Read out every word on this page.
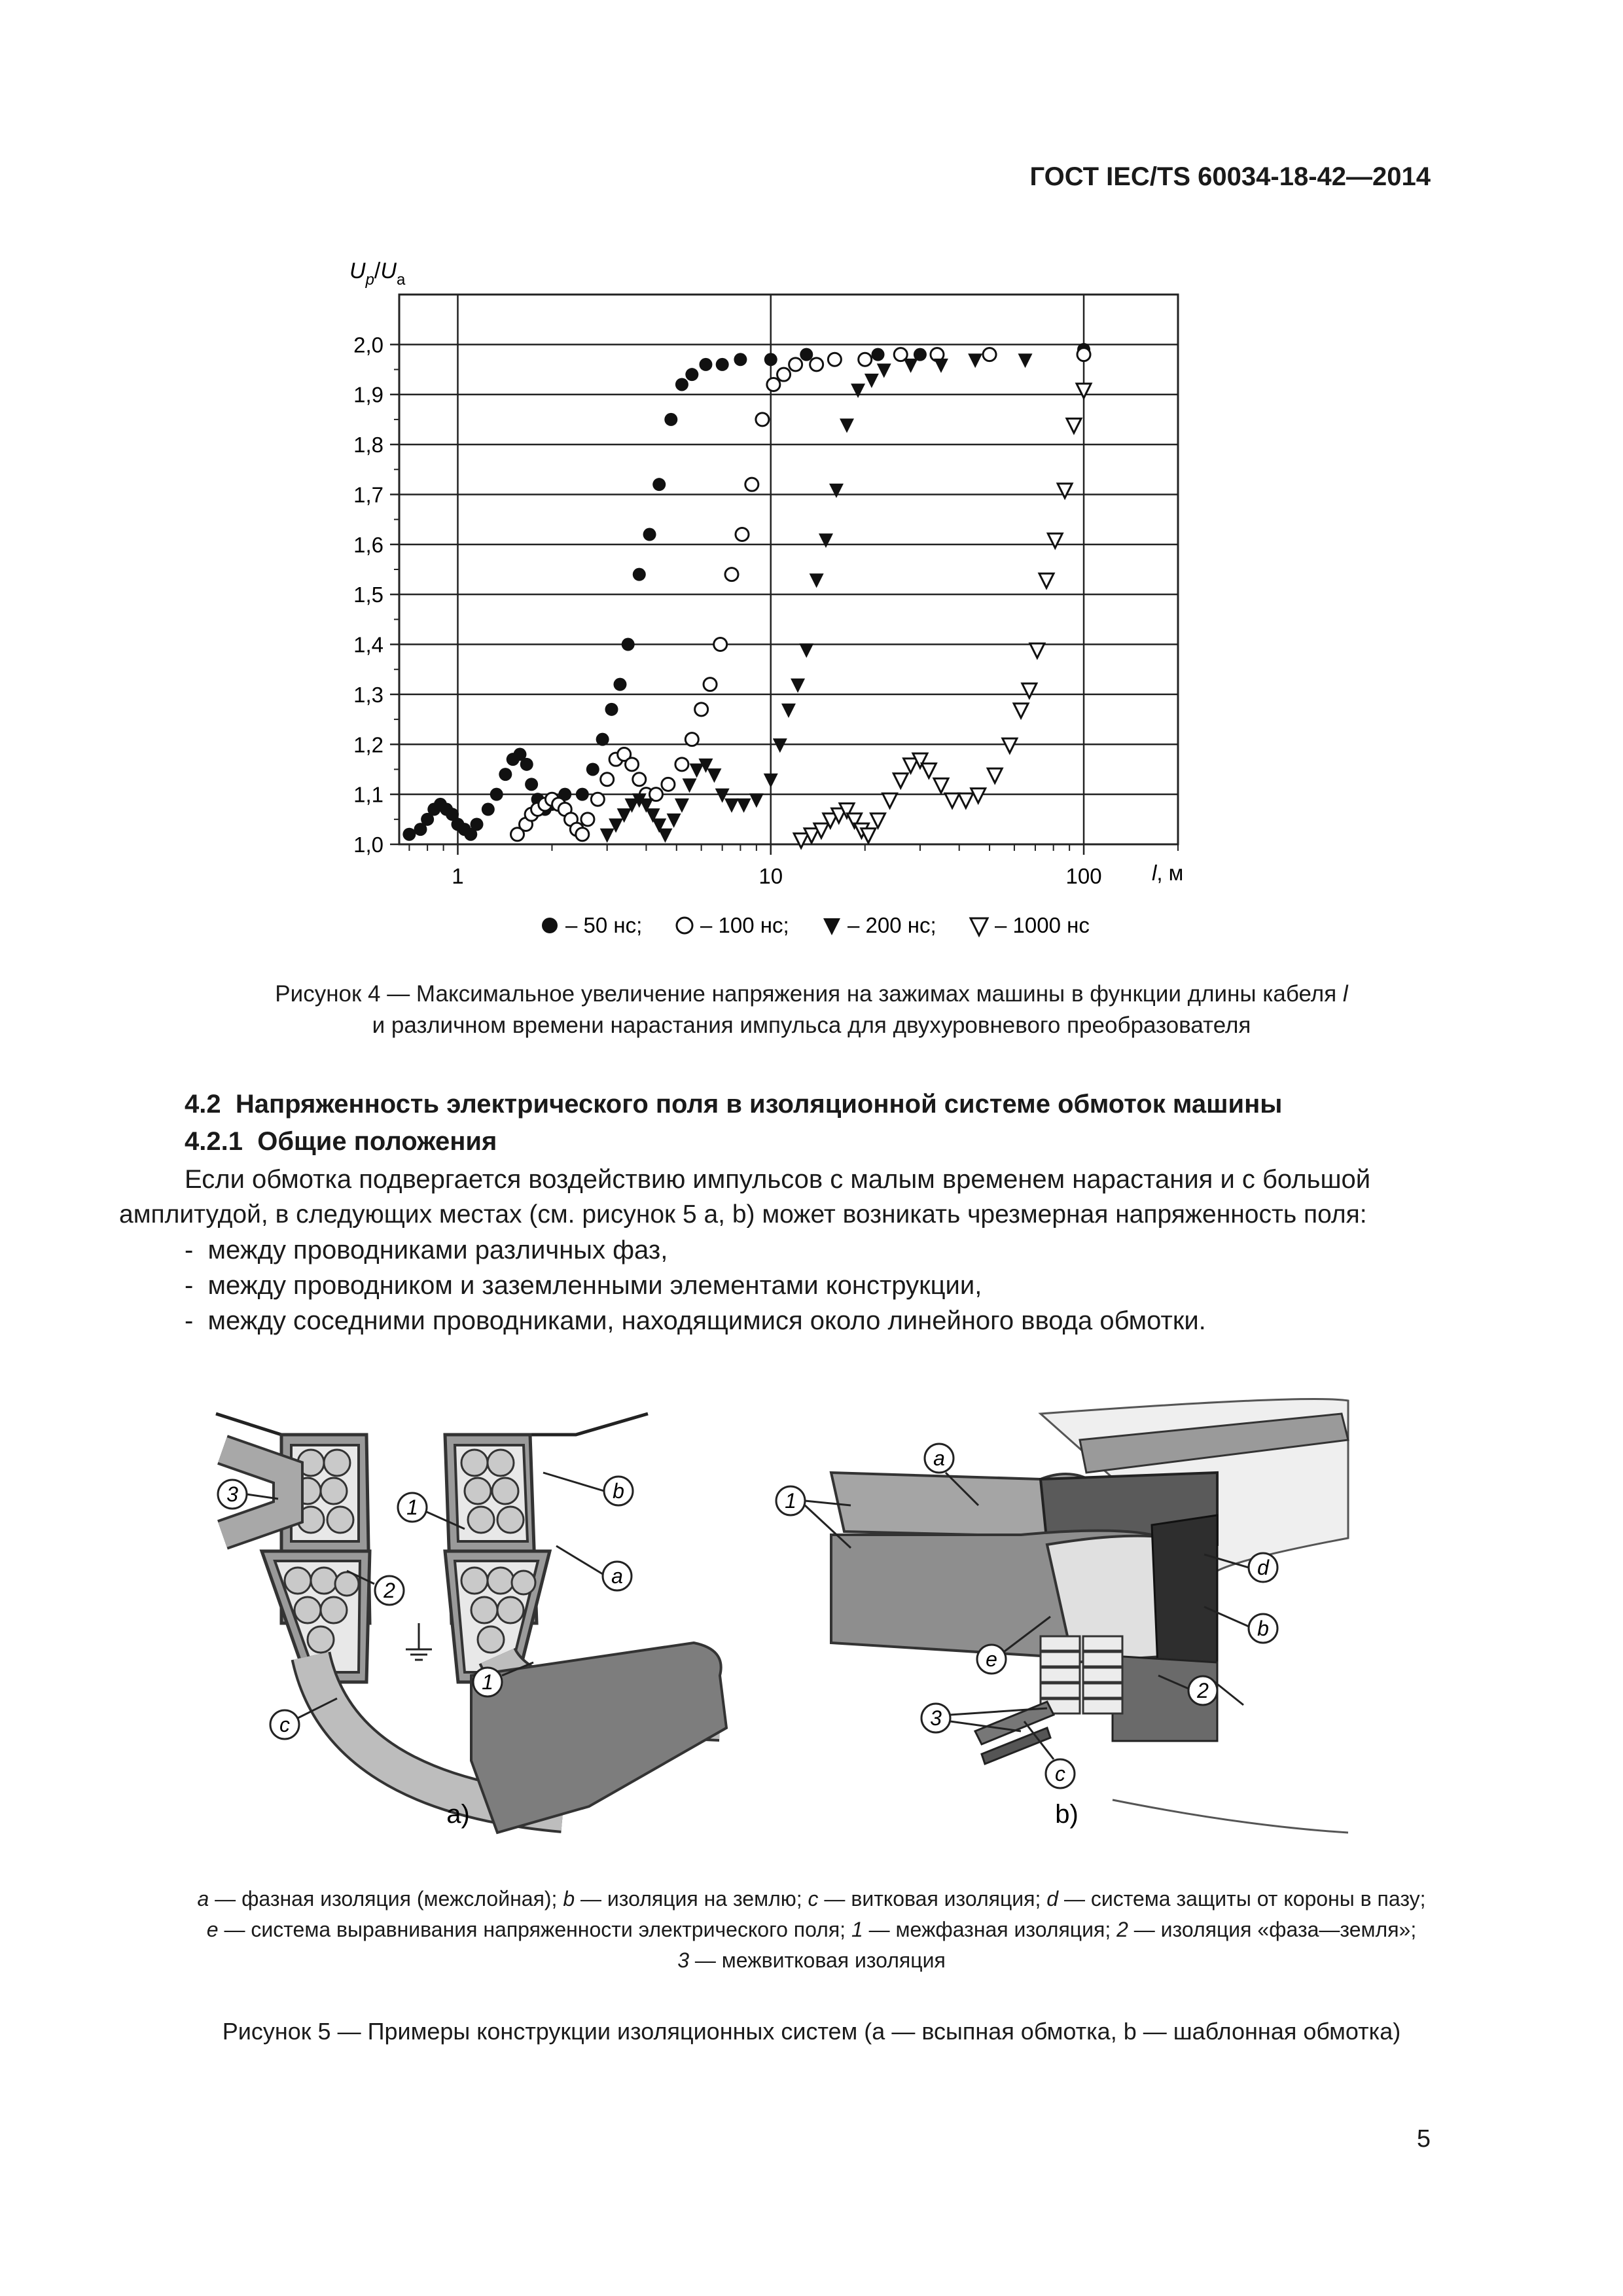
ГОСТ IEC/TS 60034-18-42—2014
1,0
1,1
1,2
1,3
1,4
1,5
1,6
1,7
1,8
1,9
2,0
1	10	100
$U_p/U_a$
l, м
– 50 нс;	– 100 нс;	– 200 нс;	– 1000 нс
Рисунок 4 — Максимальное увеличение напряжения на зажимах машины в функции длины кабеля l
и различном времени нарастания импульса для двухуровневого преобразователя
4.2 Напряженность электрического поля в изоляционной системе обмоток машины
4.2.1 Общие положения
Если обмотка подвергается воздействию импульсов с малым временем нарастания и с большой
амплитудой, в следующих местах (см. рисунок 5 а, b) может возникать чрезмерная напряженность поля:
-  между проводниками различных фаз,
-  между проводником и заземленными элементами конструкции,
-  между соседними проводниками, находящимися около линейного ввода обмотки.
3
1
b
a
2
1
c
1
a
d
b
e
2
3
c
a)	b)
a — фазная изоляция (межслойная); b — изоляция на землю; c — витковая изоляция; d — система защиты от короны в пазу;
e — система выравнивания напряженности электрического поля; 1 — межфазная изоляция; 2 — изоляция «фаза—земля»;
3 — межвитковая изоляция
Рисунок 5 — Примеры конструкции изоляционных систем (а — всыпная обмотка, b — шаблонная обмотка)
5
